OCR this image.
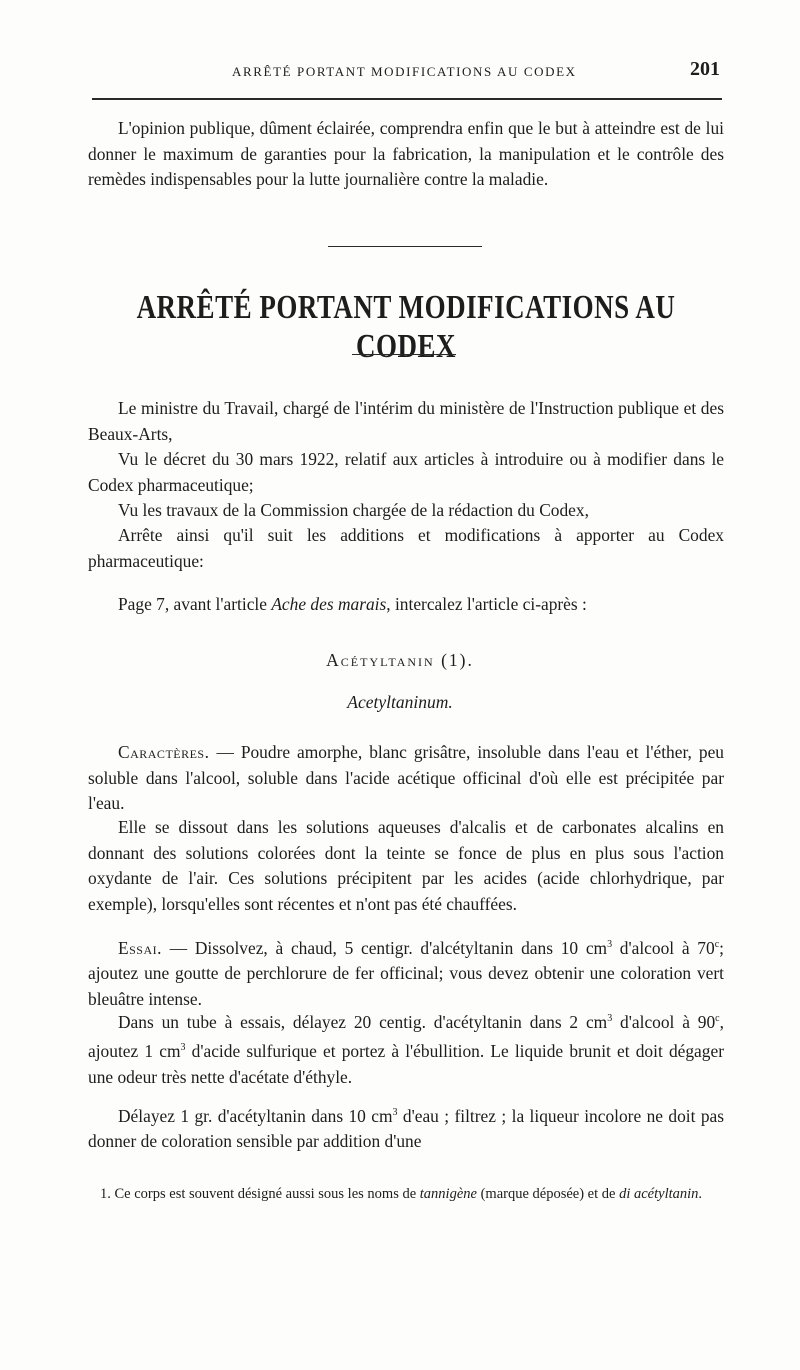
ARRÊTÉ PORTANT MODIFICATIONS AU CODEX	201

L'opinion publique, dûment éclairée, comprendra enfin que le but à atteindre est de lui donner le maximum de garanties pour la fabrication, la manipulation et le contrôle des remèdes indispensables pour la lutte journalière contre la maladie.

ARRÊTÉ PORTANT MODIFICATIONS AU CODEX

Le ministre du Travail, chargé de l'intérim du ministère de l'Instruction publique et des Beaux-Arts,

Vu le décret du 30 mars 1922, relatif aux articles à introduire ou à modifier dans le Codex pharmaceutique;

Vu les travaux de la Commission chargée de la rédaction du Codex,

Arrête ainsi qu'il suit les additions et modifications à apporter au Codex pharmaceutique:

Page 7, avant l'article Ache des marais, intercalez l'article ci-après :

Acétyltanin (1).
Acetyltaninum.

Caractères. — Poudre amorphe, blanc grisâtre, insoluble dans l'eau et l'éther, peu soluble dans l'alcool, soluble dans l'acide acétique officinal d'où elle est précipitée par l'eau.

Elle se dissout dans les solutions aqueuses d'alcalis et de carbonates alcalins en donnant des solutions colorées dont la teinte se fonce de plus en plus sous l'action oxydante de l'air. Ces solutions précipitent par les acides (acide chlorhydrique, par exemple), lorsqu'elles sont récentes et n'ont pas été chauffées.

Essai. — Dissolvez, à chaud, 5 centigr. d'alcétyltanin dans 10 $cm^3$ d'alcool à 70$^c$; ajoutez une goutte de perchlorure de fer officinal; vous devez obtenir une coloration vert bleuâtre intense.

Dans un tube à essais, délayez 20 centig. d'acétyltanin dans 2 $cm^3$ d'alcool à 90$^c$, ajoutez 1 $cm^3$ d'acide sulfurique et portez à l'ébullition. Le liquide brunit et doit dégager une odeur très nette d'acétate d'éthyle.

Délayez 1 gr. d'acétyltanin dans 10 $cm^3$ d'eau ; filtrez ; la liqueur incolore ne doit pas donner de coloration sensible par addition d'une

1. Ce corps est souvent désigné aussi sous les noms de tannigène (marque déposée) et de di acétyltanin.
